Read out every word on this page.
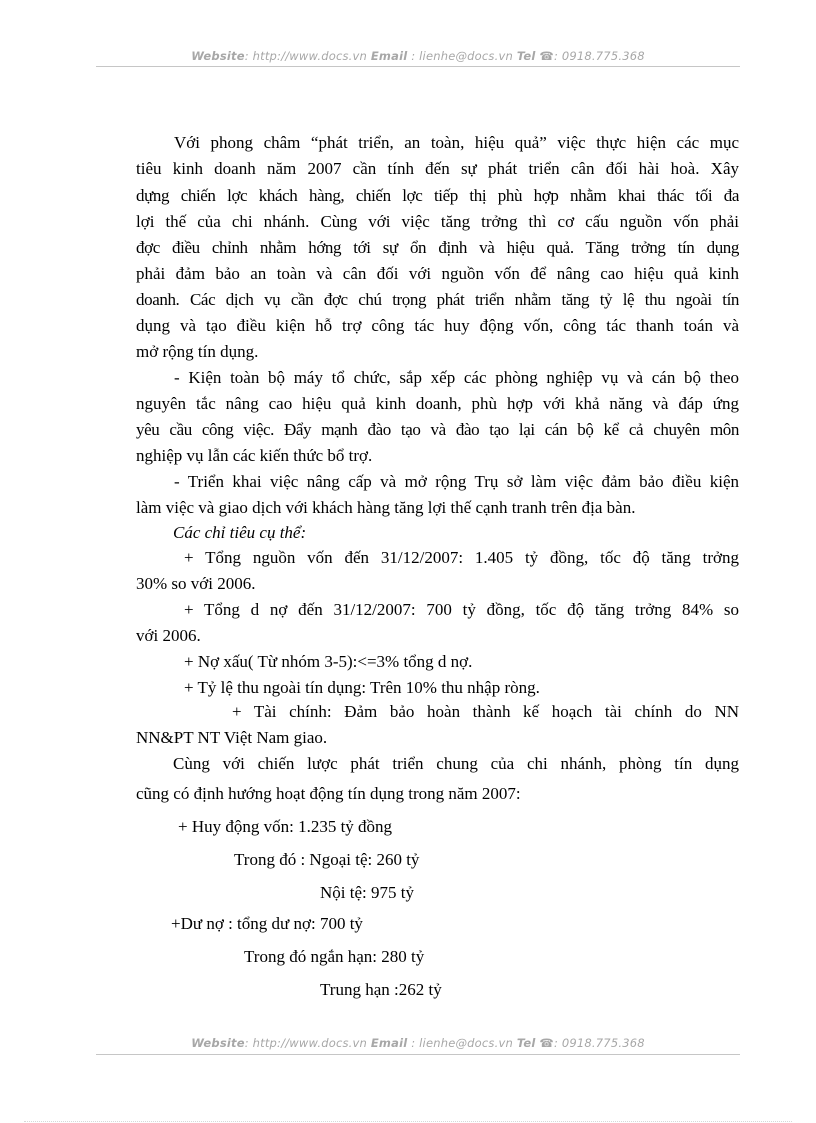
Website: http://www.docs.vn Email : lienhe@docs.vn Tel ☎: 0918.775.368
Với phong châm “phát triển, an toàn, hiệu quả” việc thực hiện các mục
tiêu kinh doanh năm 2007 cần tính đến sự phát triển cân đối hài hoà. Xây
dựng chiến lợc khách hàng, chiến lợc tiếp thị phù hợp nhằm khai thác tối đa
lợi thế của chi nhánh. Cùng với việc tăng trởng thì cơ cấu nguồn vốn phải
đợc điều chỉnh nhằm hớng tới sự ổn định và hiệu quả. Tăng trởng tín dụng
phải đảm bảo an toàn và cân đối với nguồn vốn để nâng cao hiệu quả kinh
doanh. Các dịch vụ cần đợc chú trọng phát triển nhằm tăng tỷ lệ thu ngoài tín
dụng và tạo điều kiện hỗ trợ công tác huy động vốn, công tác thanh toán và
mở rộng tín dụng.
- Kiện toàn bộ máy tổ chức, sắp xếp các phòng nghiệp vụ và cán bộ theo
nguyên tắc nâng cao hiệu quả kinh doanh, phù hợp với khả năng và đáp ứng
yêu cầu công việc. Đẩy mạnh đào tạo và đào tạo lại cán bộ kể cả chuyên môn
nghiệp vụ lẫn các kiến thức bổ trợ.
- Triển khai việc nâng cấp và mở rộng Trụ sở làm việc đảm bảo điều kiện
làm việc và giao dịch với khách hàng tăng lợi thế cạnh tranh trên địa bàn.
Các chỉ tiêu cụ thể:
+ Tổng nguồn vốn đến 31/12/2007: 1.405 tỷ đồng, tốc độ tăng trởng
30% so với 2006.
+ Tổng d nợ đến 31/12/2007: 700 tỷ đồng, tốc độ tăng trởng 84% so
với 2006.
+ Nợ xấu( Từ nhóm 3-5):<=3% tổng d nợ.
+ Tỷ lệ thu ngoài tín dụng: Trên 10% thu nhập ròng.
+ Tài chính: Đảm bảo hoàn thành kế hoạch tài chính do NN
NN&PT NT Việt Nam giao.
Cùng với chiến lược phát triển chung của chi nhánh, phòng tín dụng
cũng có định hướng hoạt động tín dụng trong năm 2007:
+ Huy động vốn: 1.235 tỷ đồng
Trong đó : Ngoại tệ: 260 tỷ
Nội tệ: 975 tỷ
+Dư nợ : tổng dư nợ: 700 tỷ
Trong đó ngắn hạn: 280 tỷ
Trung hạn :262 tỷ
Website: http://www.docs.vn Email : lienhe@docs.vn Tel ☎: 0918.775.368
